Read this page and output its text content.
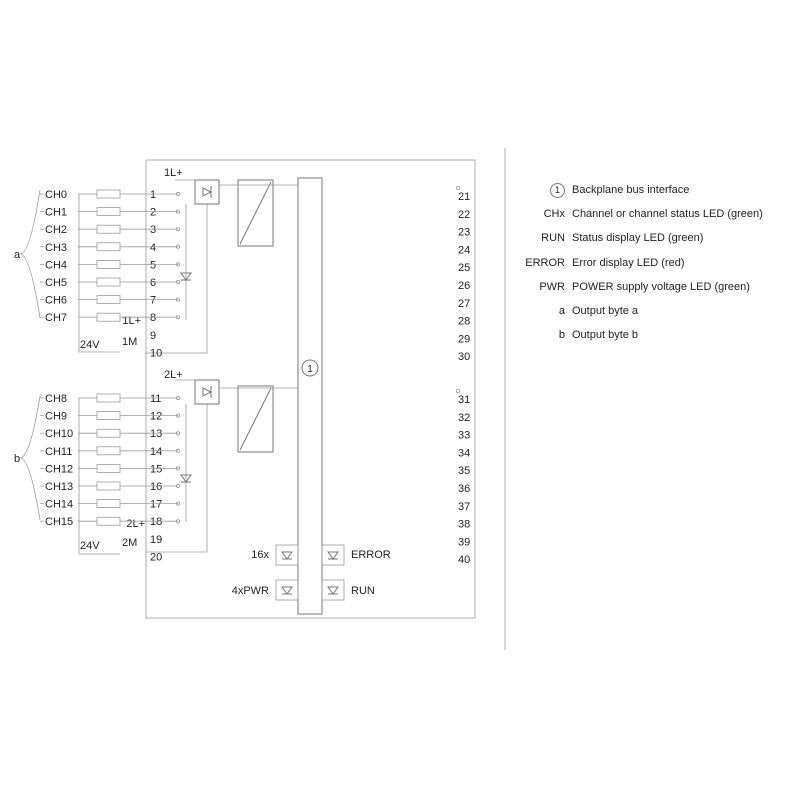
1
16x
4xPWR
ERROR
RUN
a
b
1L+
2L+
1L+
2L+
1M
2M
24V
24V
1
2
3
4
5
6
7
8
9
10
CH0
CH1
CH2
CH3
CH4
CH5
CH6
CH7
11
12
13
14
15
16
17
18
19
20
CH8
CH9
CH10
CH11
CH12
CH13
CH14
CH15
21
22
23
24
25
26
27
28
29
30
31
32
33
34
35
36
37
38
39
40
1	Backplane bus interface
CHx Channel or channel status LED (green)
RUN Status display LED (green)
ERROR Error display LED (red)
PWR POWER supply voltage LED (green)
a Output byte a
b Output byte b
